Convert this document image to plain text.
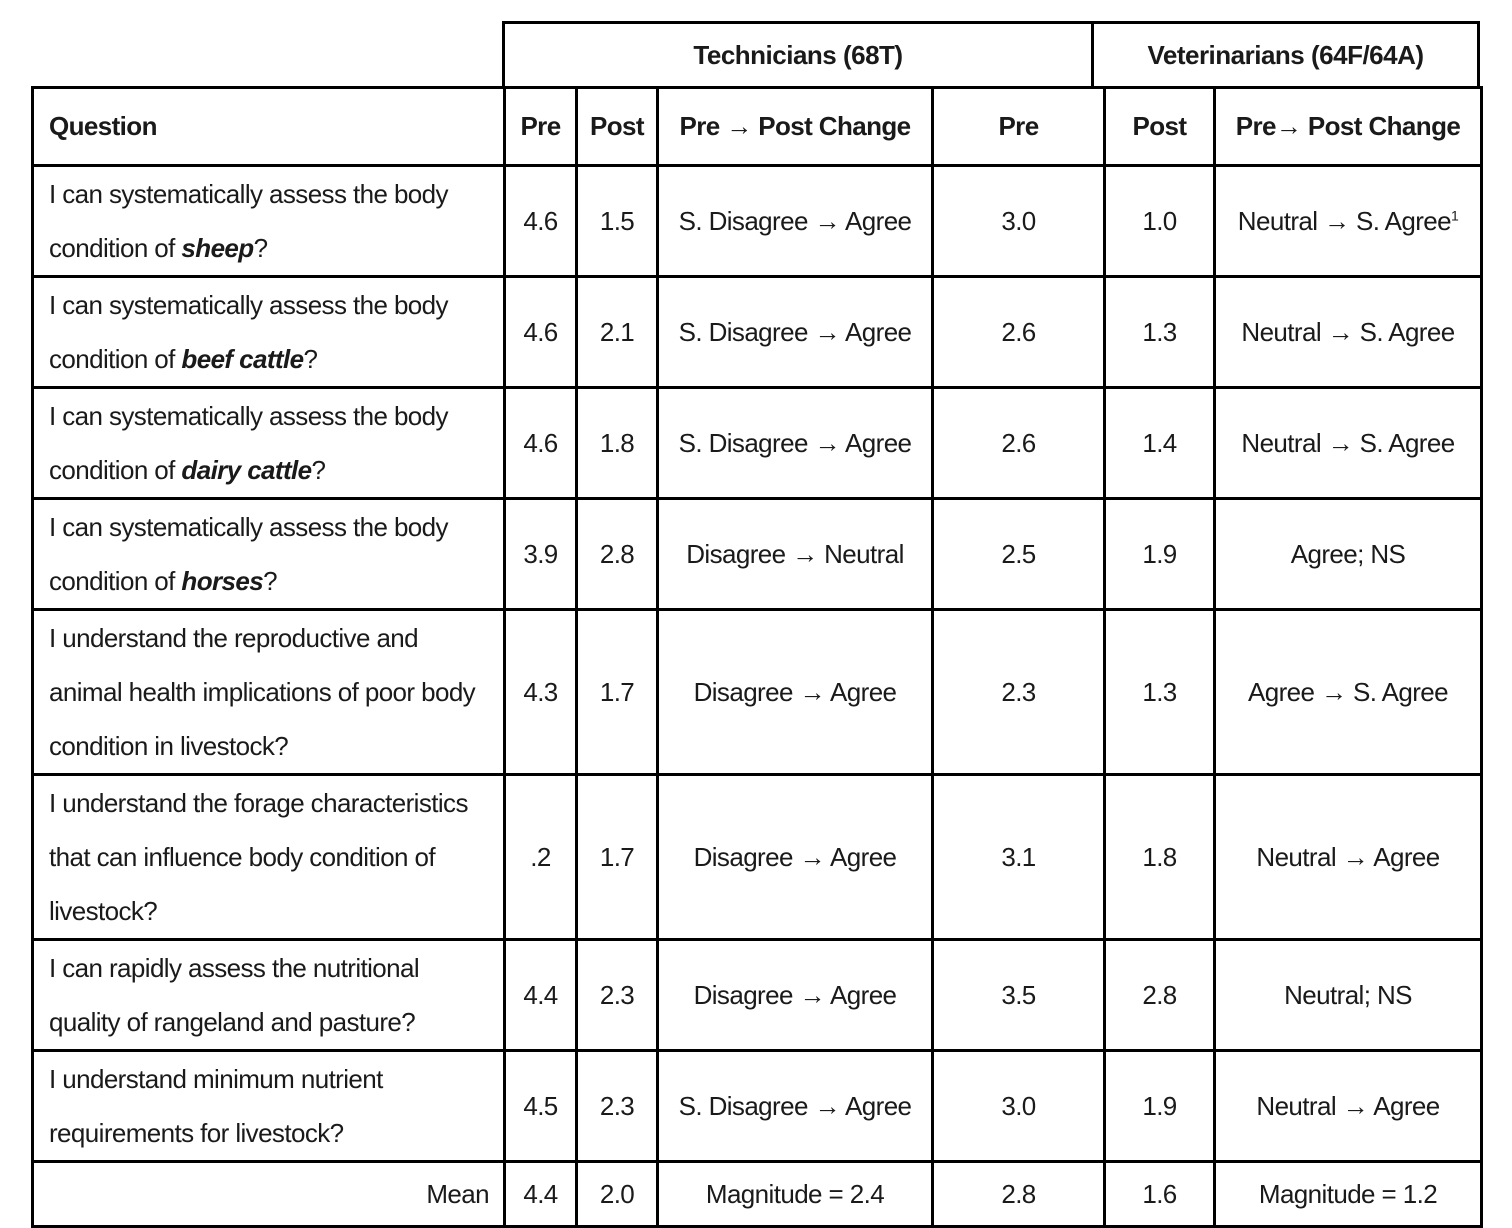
Technicians (68T)	Veterinarians (64F/64A)
Question	Pre	Post	Pre → Post Change	Pre	Post	Pre→ Post Change
I can systematically assess the body condition of sheep?	4.6	1.5	S. Disagree → Agree	3.0	1.0	Neutral → S. Agree$^1$
I can systematically assess the body condition of beef cattle?	4.6	2.1	S. Disagree → Agree	2.6	1.3	Neutral → S. Agree
I can systematically assess the body condition of dairy cattle?	4.6	1.8	S. Disagree → Agree	2.6	1.4	Neutral → S. Agree
I can systematically assess the body condition of horses?	3.9	2.8	Disagree → Neutral	2.5	1.9	Agree; NS
I understand the reproductive and animal health implications of poor body condition in livestock?	4.3	1.7	Disagree → Agree	2.3	1.3	Agree → S. Agree
I understand the forage characteristics that can influence body condition of livestock?	.2	1.7	Disagree → Agree	3.1	1.8	Neutral → Agree
I can rapidly assess the nutritional quality of rangeland and pasture?	4.4	2.3	Disagree → Agree	3.5	2.8	Neutral; NS
I understand minimum nutrient requirements for livestock?	4.5	2.3	S. Disagree → Agree	3.0	1.9	Neutral → Agree
Mean	4.4	2.0	Magnitude = 2.4	2.8	1.6	Magnitude = 1.2
